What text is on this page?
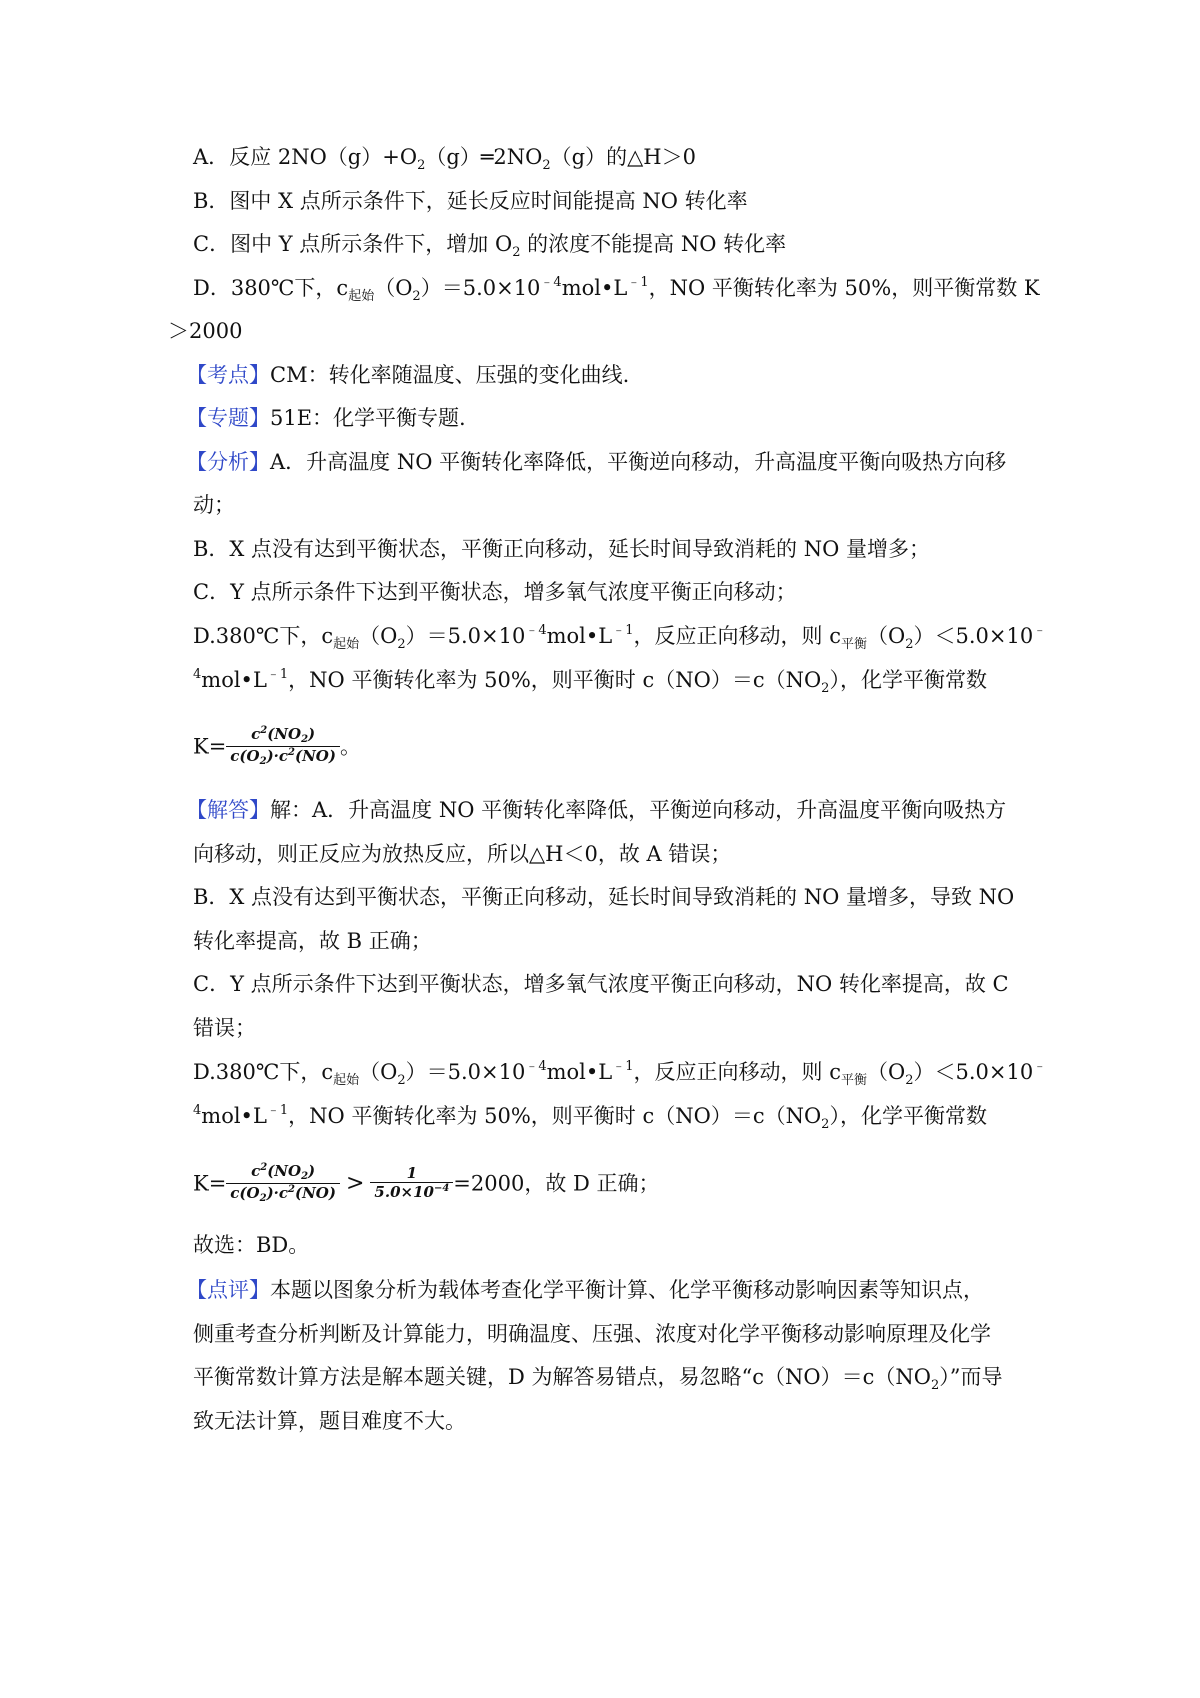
A．反应 $2NO(g)+O_2(g)═2NO_2(g)$的△H＞0
B．图中 X 点所示条件下，延长反应时间能提高 NO 转化率
C．图中 Y 点所示条件下，增加 $O_2$ 的浓度不能提高 NO 转化率
D．380℃下，$c_{起始}(O_2)=5.0\times 10^{﹣4}mol•L^{﹣1}$，NO 平衡转化率为 50%，则平衡常数 K
＞2000
【考点】CM：转化率随温度、压强的变化曲线.
【专题】51E：化学平衡专题.
【分析】A．升高温度 NO 平衡转化率降低，平衡逆向移动，升高温度平衡向吸热方向移
动；
B．X 点没有达到平衡状态，平衡正向移动，延长时间导致消耗的 NO 量增多；
C．Y 点所示条件下达到平衡状态，增多氧气浓度平衡正向移动；
D.380℃下，$c_{起始}(O_2)=5.0\times 10^{﹣4}mol•L^{﹣1}$，反应正向移动，则 $c_{平衡}(O_2)<5.0\times 10^﹣$
$^4mol•L^{﹣1}$，NO 平衡转化率为 50%，则平衡时 $c(NO)=c(NO_2)$，化学平衡常数
$K= \frac{c^2(NO_2)}{c(O_2)\cdot c^2(NO)}$ 。
【解答】解：A．升高温度 NO 平衡转化率降低，平衡逆向移动，升高温度平衡向吸热方
向移动，则正反应为放热反应，所以△H＜0，故 A 错误；
B．X 点没有达到平衡状态，平衡正向移动，延长时间导致消耗的 NO 量增多，导致 NO
转化率提高，故 B 正确；
C．Y 点所示条件下达到平衡状态，增多氧气浓度平衡正向移动，NO 转化率提高，故 C
错误；
D.380℃下，$c_{起始}(O_2)=5.0\times 10^{﹣4}mol•L^{﹣1}$，反应正向移动，则 $c_{平衡}(O_2)<5.0\times 10^﹣$
$^4mol•L^{﹣1}$，NO 平衡转化率为 50%，则平衡时 $c(NO)=c(NO_2)$，化学平衡常数
$K= \frac{c^2(NO_2)}{c(O_2)\cdot c^2(NO)} > \frac{1}{5.0\times 10^{-4}} =2000$，故 D 正确；
故选：BD。
【点评】本题以图象分析为载体考查化学平衡计算、化学平衡移动影响因素等知识点，
侧重考查分析判断及计算能力，明确温度、压强、浓度对化学平衡移动影响原理及化学
平衡常数计算方法是解本题关键，D 为解答易错点，易忽略“$c(NO)=c(NO_2)$”而导
致无法计算，题目难度不大。
